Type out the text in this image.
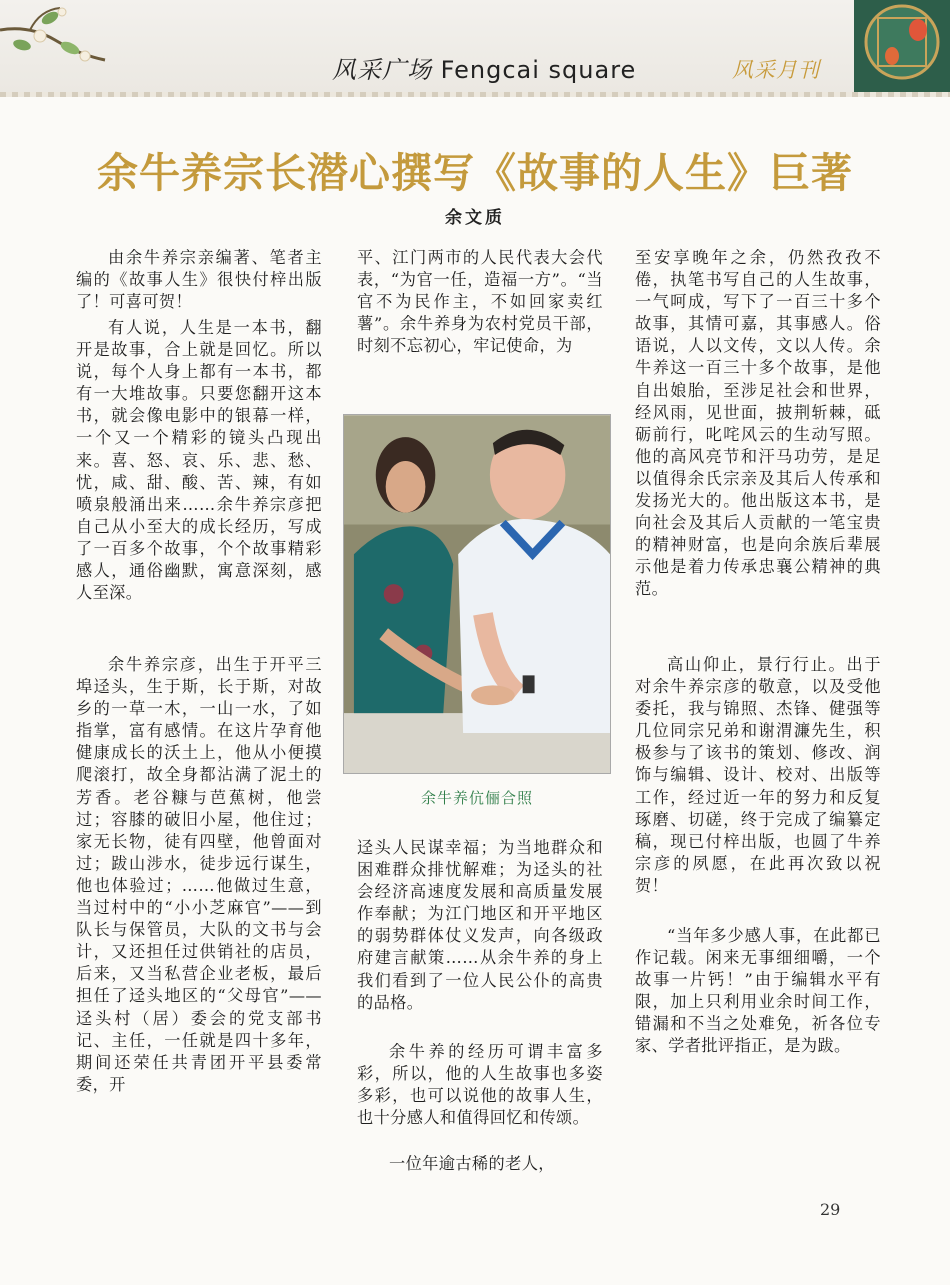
风采广场 Fengcai square	风采月刊
余牛养宗长潜心撰写《故事的人生》巨著
余文质

由余牛养宗亲编著、笔者主编的《故事人生》很快付梓出版了！可喜可贺！

有人说，人生是一本书，翻开是故事，合上就是回忆。所以说，每个人身上都有一本书，都有一大堆故事。只要您翻开这本书，就会像电影中的银幕一样，一个又一个精彩的镜头凸现出来。喜、怒、哀、乐、悲、愁、忧，咸、甜、酸、苦、辣，有如喷泉般涌出来……余牛养宗彦把自己从小至大的成长经历，写成了一百多个故事，个个故事精彩感人，通俗幽默，寓意深刻，感人至深。

余牛养宗彦，出生于开平三埠迳头，生于斯，长于斯，对故乡的一草一木，一山一水，了如指掌，富有感情。在这片孕育他健康成长的沃土上，他从小便摸爬滚打，故全身都沾满了泥土的芳香。老谷糠与芭蕉树，他尝过；容膝的破旧小屋，他住过；家无长物，徒有四壁，他曾面对过；跋山涉水，徒步远行谋生，他也体验过；……他做过生意，当过村中的“小小芝麻官”——到队长与保管员，大队的文书与会计，又还担任过供销社的店员，后来，又当私营企业老板，最后担任了迳头地区的“父母官”——迳头村（居）委会的党支部书记、主任，一任就是四十多年，期间还荣任共青团开平县委常委，开

平、江门两市的人民代表大会代表，“为官一任，造福一方”。“当官不为民作主，不如回家卖红薯”。余牛养身为农村党员干部，时刻不忘初心，牢记使命，为

余牛养伉俪合照

迳头人民谋幸福；为当地群众和困难群众排忧解难；为迳头的社会经济高速度发展和高质量发展作奉献；为江门地区和开平地区的弱势群体仗义发声，向各级政府建言献策……从余牛养的身上我们看到了一位人民公仆的高贵的品格。

余牛养的经历可谓丰富多彩，所以，他的人生故事也多姿多彩，也可以说他的故事人生，也十分感人和值得回忆和传颂。

一位年逾古稀的老人，

至安享晚年之余，仍然孜孜不倦，执笔书写自己的人生故事，一气呵成，写下了一百三十多个故事，其情可嘉，其事感人。俗语说，人以文传，文以人传。余牛养这一百三十多个故事，是他自出娘胎，至涉足社会和世界，经风雨，见世面，披荆斩棘，砥砺前行，叱咤风云的生动写照。他的高风亮节和汗马功劳，是足以值得余氏宗亲及其后人传承和发扬光大的。他出版这本书，是向社会及其后人贡献的一笔宝贵的精神财富，也是向余族后辈展示他是着力传承忠襄公精神的典范。

高山仰止，景行行止。出于对余牛养宗彦的敬意，以及受他委托，我与锦照、杰锋、健强等几位同宗兄弟和谢渭濂先生，积极参与了该书的策划、修改、润饰与编辑、设计、校对、出版等工作，经过近一年的努力和反复琢磨、切磋，终于完成了编纂定稿，现已付梓出版，也圆了牛养宗彦的夙愿，在此再次致以祝贺！

“当年多少感人事，在此都已作记载。闲来无事细细嚼，一个故事一片钙！”由于编辑水平有限，加上只利用业余时间工作，错漏和不当之处难免，祈各位专家、学者批评指正，是为跋。

29
